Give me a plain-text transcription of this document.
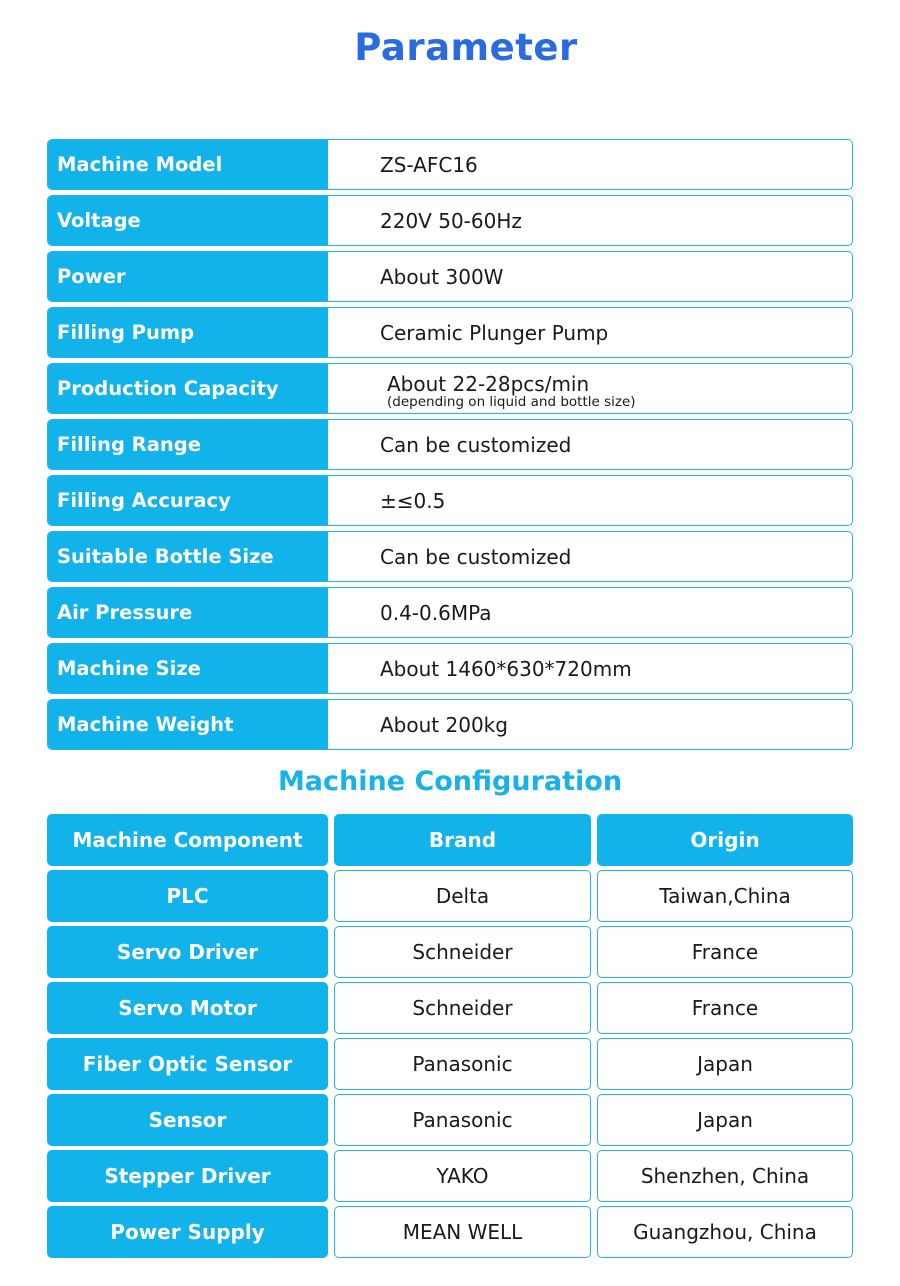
Parameter
Machine Model	ZS-AFC16
Voltage	220V 50-60Hz
Power	About 300W
Filling Pump	Ceramic Plunger Pump
Production Capacity	About 22-28pcs/min
(depending on liquid and bottle size)
Filling Range	Can be customized
Filling Accuracy	±≤0.5
Suitable Bottle Size	Can be customized
Air Pressure	0.4-0.6MPa
Machine Size	About 1460*630*720mm
Machine Weight	About 200kg
Machine Configuration
Machine Component	Brand	Origin
PLC	Delta	Taiwan,China
Servo Driver	Schneider	France
Servo Motor	Schneider	France
Fiber Optic Sensor	Panasonic	Japan
Sensor	Panasonic	Japan
Stepper Driver	YAKO	Shenzhen, China
Power Supply	MEAN WELL	Guangzhou, China
